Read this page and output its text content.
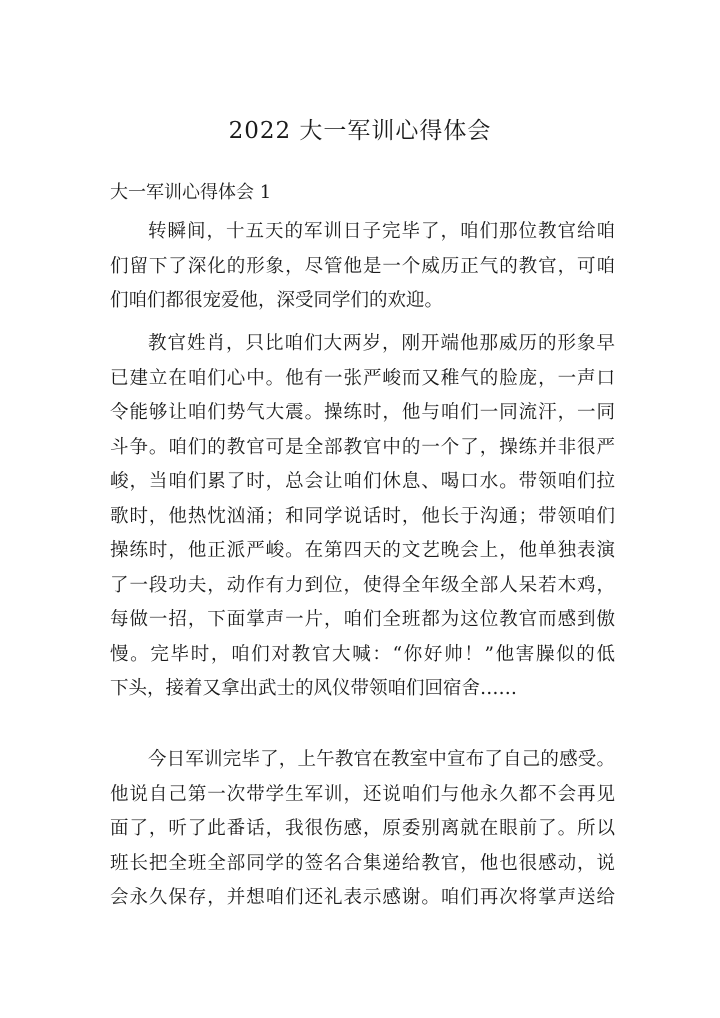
2022 大一军训心得体会
大一军训心得体会 1
转瞬间，十五天的军训日子完毕了，咱们那位教官给咱
们留下了深化的形象，尽管他是一个威历正气的教官，可咱
们咱们都很宠爱他，深受同学们的欢迎。
教官姓肖，只比咱们大两岁，刚开端他那威历的形象早
已建立在咱们心中。他有一张严峻而又稚气的脸庞，一声口
令能够让咱们势气大震。操练时，他与咱们一同流汗，一同
斗争。咱们的教官可是全部教官中的一个了，操练并非很严
峻，当咱们累了时，总会让咱们休息、喝口水。带领咱们拉
歌时，他热忱汹涌；和同学说话时，他长于沟通；带领咱们
操练时，他正派严峻。在第四天的文艺晚会上，他单独表演
了一段功夫，动作有力到位，使得全年级全部人呆若木鸡，
每做一招，下面掌声一片，咱们全班都为这位教官而感到傲
慢。完毕时，咱们对教官大喊：“你好帅！”他害臊似的低
下头，接着又拿出武士的风仪带领咱们回宿舍……
今日军训完毕了，上午教官在教室中宣布了自己的感受。
他说自己第一次带学生军训，还说咱们与他永久都不会再见
面了，听了此番话，我很伤感，原委别离就在眼前了。所以
班长把全班全部同学的签名合集递给教官，他也很感动，说
会永久保存，并想咱们还礼表示感谢。咱们再次将掌声送给
